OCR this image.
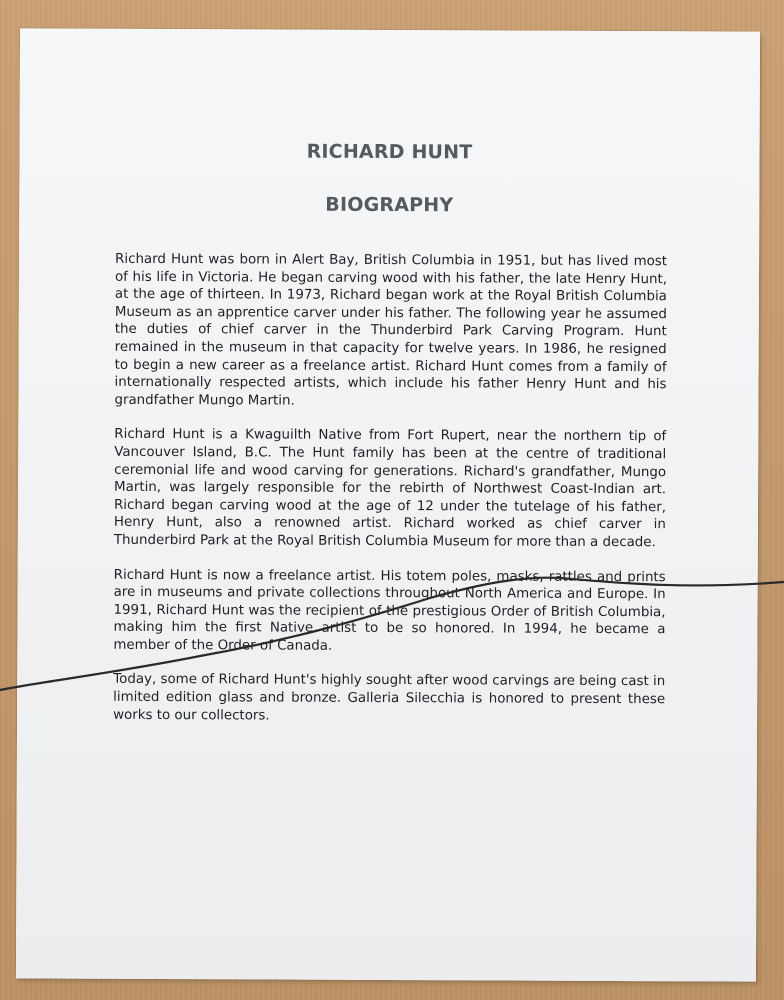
RICHARD HUNT
BIOGRAPHY

Richard Hunt was born in Alert Bay, British Columbia in 1951, but has lived most of his life in Victoria. He began carving wood with his father, the late Henry Hunt, at the age of thirteen. In 1973, Richard began work at the Royal British Columbia Museum as an apprentice carver under his father. The following year he assumed the duties of chief carver in the Thunderbird Park Carving Program. Hunt remained in the museum in that capacity for twelve years. In 1986, he resigned to begin a new career as a freelance artist. Richard Hunt comes from a family of internationally respected artists, which include his father Henry Hunt and his grandfather Mungo Martin.

Richard Hunt is a Kwaguilth Native from Fort Rupert, near the northern tip of Vancouver Island, B.C. The Hunt family has been at the centre of traditional ceremonial life and wood carving for generations. Richard's grandfather, Mungo Martin, was largely responsible for the rebirth of Northwest Coast-Indian art. Richard began carving wood at the age of 12 under the tutelage of his father, Henry Hunt, also a renowned artist. Richard worked as chief carver in Thunderbird Park at the Royal British Columbia Museum for more than a decade.

Richard Hunt is now a freelance artist. His totem poles, masks, rattles and prints are in museums and private collections throughout North America and Europe. In 1991, Richard Hunt was the recipient of the prestigious Order of British Columbia, making him the first Native artist to be so honored. In 1994, he became a member of the Order of Canada.

Today, some of Richard Hunt's highly sought after wood carvings are being cast in limited edition glass and bronze. Galleria Silecchia is honored to present these works to our collectors.
